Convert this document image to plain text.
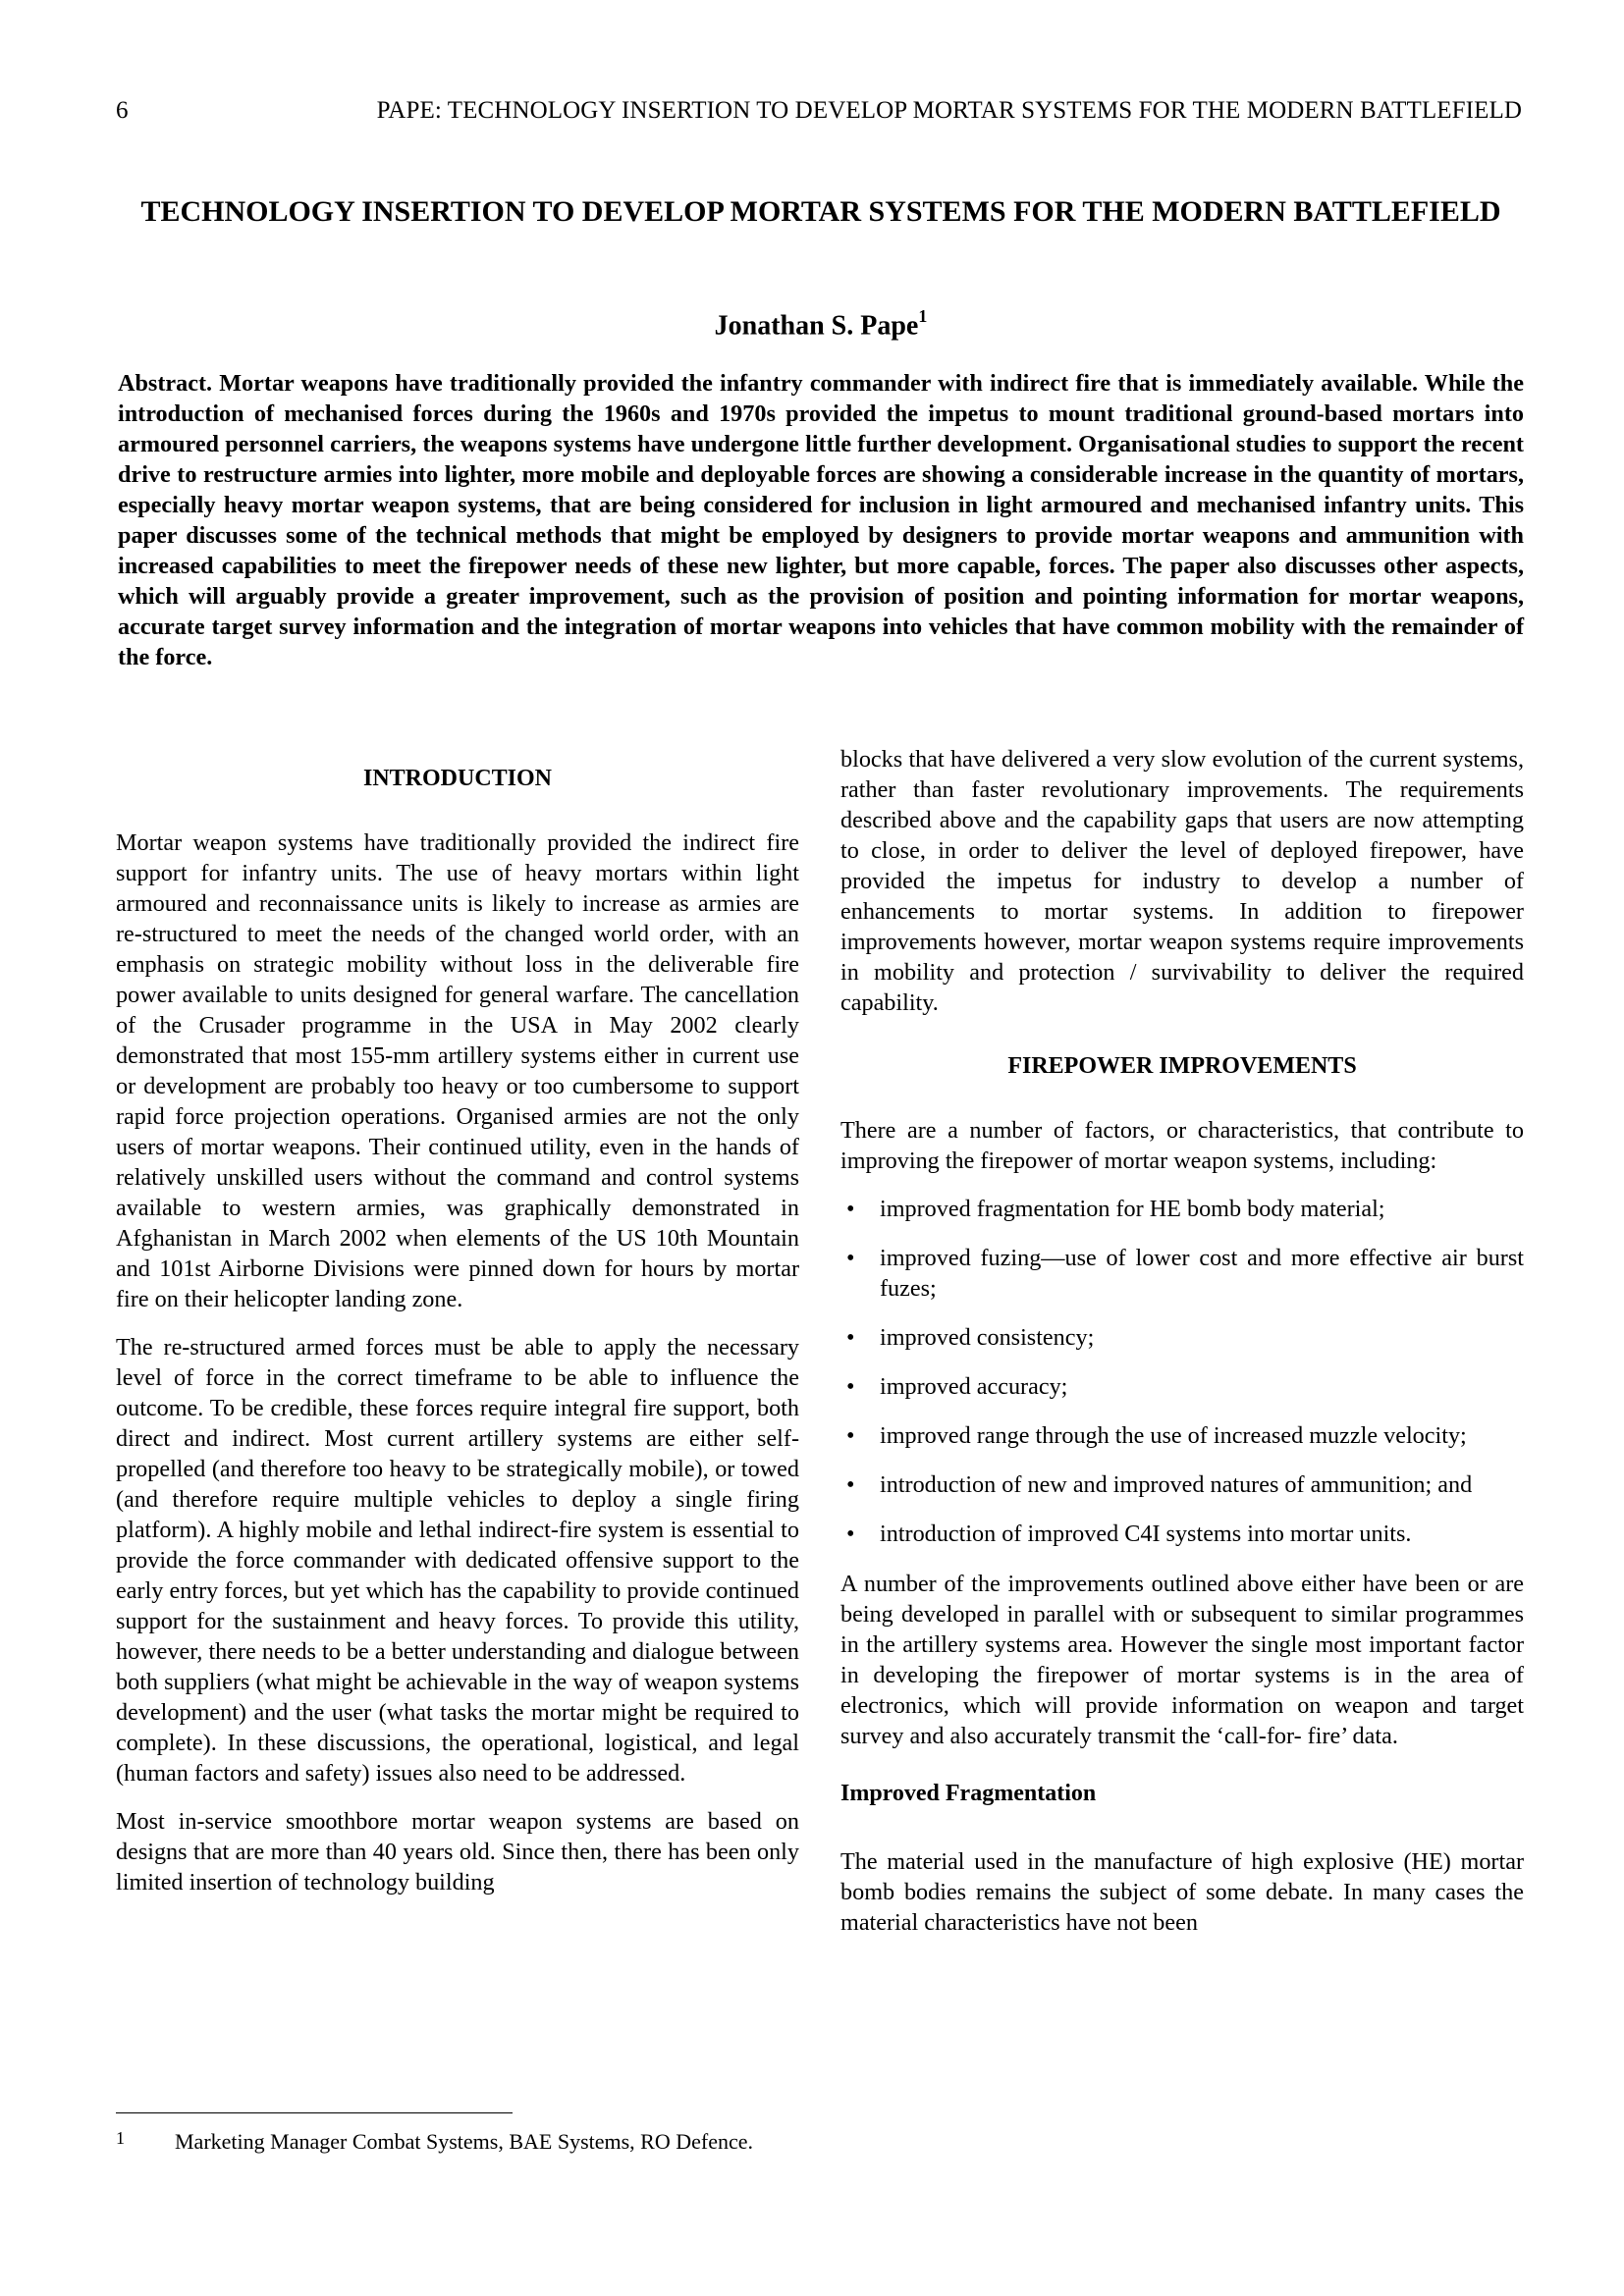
6	PAPE: TECHNOLOGY INSERTION TO DEVELOP MORTAR SYSTEMS FOR THE MODERN BATTLEFIELD
TECHNOLOGY INSERTION TO DEVELOP MORTAR SYSTEMS FOR THE MODERN BATTLEFIELD
Jonathan S. Pape$^1$
Abstract. Mortar weapons have traditionally provided the infantry commander with indirect fire that is immediately available. While the introduction of mechanised forces during the 1960s and 1970s provided the impetus to mount traditional ground-based mortars into armoured personnel carriers, the weapons systems have undergone little further development. Organisational studies to support the recent drive to restructure armies into lighter, more mobile and deployable forces are showing a considerable increase in the quantity of mortars, especially heavy mortar weapon systems, that are being considered for inclusion in light armoured and mechanised infantry units. This paper discusses some of the technical methods that might be employed by designers to provide mortar weapons and ammunition with increased capabilities to meet the firepower needs of these new lighter, but more capable, forces. The paper also discusses other aspects, which will arguably provide a greater improvement, such as the provision of position and pointing information for mortar weapons, accurate target survey information and the integration of mortar weapons into vehicles that have common mobility with the remainder of the force.
INTRODUCTION

Mortar weapon systems have traditionally provided the indirect fire support for infantry units. The use of heavy mortars within light armoured and reconnaissance units is likely to increase as armies are re-structured to meet the needs of the changed world order, with an emphasis on strategic mobility without loss in the deliverable fire power available to units designed for general warfare. The cancellation of the Crusader programme in the USA in May 2002 clearly demonstrated that most 155-mm artillery systems either in current use or development are probably too heavy or too cumbersome to support rapid force projection operations. Organised armies are not the only users of mortar weapons. Their continued utility, even in the hands of relatively unskilled users without the command and control systems available to western armies, was graphically demonstrated in Afghanistan in March 2002 when elements of the US 10th Mountain and 101st Airborne Divisions were pinned down for hours by mortar fire on their helicopter landing zone.

The re-structured armed forces must be able to apply the necessary level of force in the correct timeframe to be able to influence the outcome. To be credible, these forces require integral fire support, both direct and indirect. Most current artillery systems are either self-propelled (and therefore too heavy to be strategically mobile), or towed (and therefore require multiple vehicles to deploy a single firing platform). A highly mobile and lethal indirect-fire system is essential to provide the force commander with dedicated offensive support to the early entry forces, but yet which has the capability to provide continued support for the sustainment and heavy forces. To provide this utility, however, there needs to be a better understanding and dialogue between both suppliers (what might be achievable in the way of weapon systems development) and the user (what tasks the mortar might be required to complete). In these discussions, the operational, logistical, and legal (human factors and safety) issues also need to be addressed.

Most in-service smoothbore mortar weapon systems are based on designs that are more than 40 years old. Since then, there has been only limited insertion of technology building

blocks that have delivered a very slow evolution of the current systems, rather than faster revolutionary improvements. The requirements described above and the capability gaps that users are now attempting to close, in order to deliver the level of deployed firepower, have provided the impetus for industry to develop a number of enhancements to mortar systems. In addition to firepower improvements however, mortar weapon systems require improvements in mobility and protection / survivability to deliver the required capability.

FIREPOWER IMPROVEMENTS

There are a number of factors, or characteristics, that contribute to improving the firepower of mortar weapon systems, including:

• improved fragmentation for HE bomb body material;
• improved fuzing—use of lower cost and more effective air burst fuzes;
• improved consistency;
• improved accuracy;
• improved range through the use of increased muzzle velocity;
• introduction of new and improved natures of ammunition; and
• introduction of improved C4I systems into mortar units.

A number of the improvements outlined above either have been or are being developed in parallel with or subsequent to similar programmes in the artillery systems area. However the single most important factor in developing the firepower of mortar systems is in the area of electronics, which will provide information on weapon and target survey and also accurately transmit the ‘call-for- fire’ data.

Improved Fragmentation

The material used in the manufacture of high explosive (HE) mortar bomb bodies remains the subject of some debate. In many cases the material characteristics have not been

1 Marketing Manager Combat Systems, BAE Systems, RO Defence.
